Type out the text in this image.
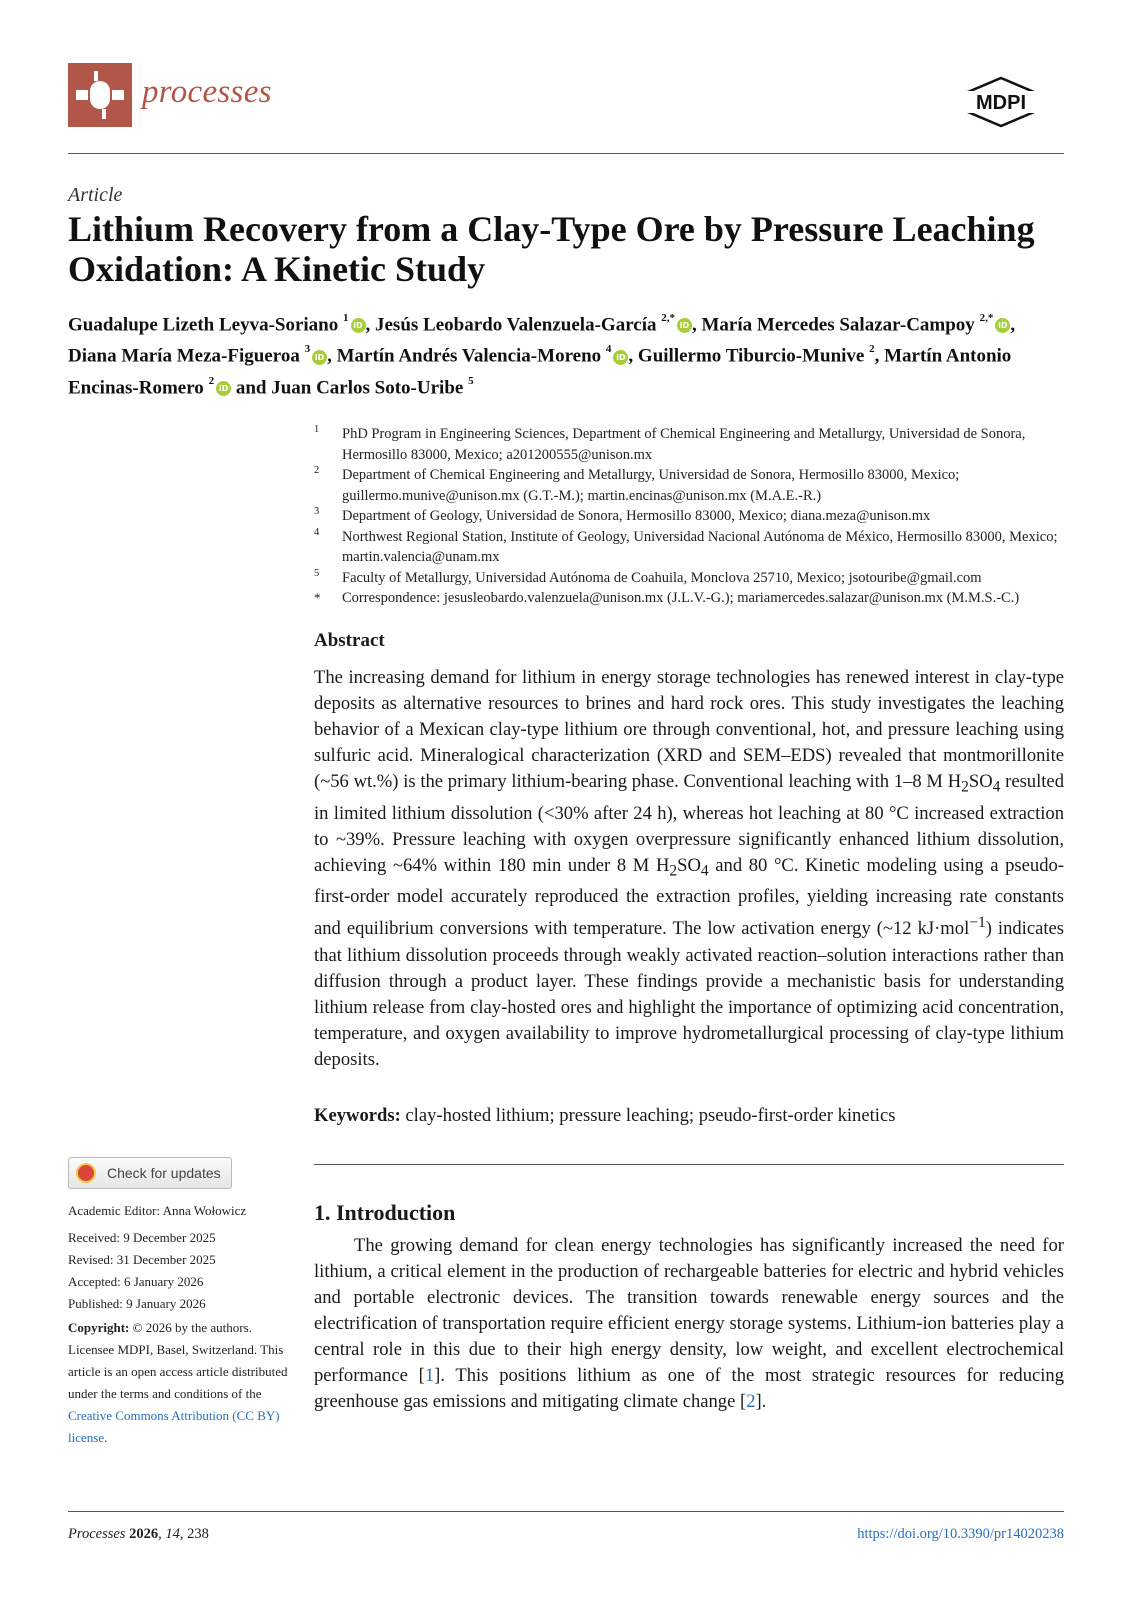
processes	MDPI
Article
Lithium Recovery from a Clay-Type Ore by Pressure Leaching Oxidation: A Kinetic Study
Guadalupe Lizeth Leyva-Soriano $^1$iD , Jesús Leobardo Valenzuela-García $^{2,*}$iD , María Mercedes Salazar-Campoy $^{2,*}$iD , Diana María Meza-Figueroa $^3$iD , Martín Andrés Valencia-Moreno $^4$iD , Guillermo Tiburcio-Munive $^2$, Martín Antonio Encinas-Romero $^2$iD and Juan Carlos Soto-Uribe $^5$
1 PhD Program in Engineering Sciences, Department of Chemical Engineering and Metallurgy, Universidad de Sonora, Hermosillo 83000, Mexico; a201200555@unison.mx
2 Department of Chemical Engineering and Metallurgy, Universidad de Sonora, Hermosillo 83000, Mexico; guillermo.munive@unison.mx (G.T.-M.); martin.encinas@unison.mx (M.A.E.-R.)
3 Department of Geology, Universidad de Sonora, Hermosillo 83000, Mexico; diana.meza@unison.mx
4 Northwest Regional Station, Institute of Geology, Universidad Nacional Autónoma de México, Hermosillo 83000, Mexico; martin.valencia@unam.mx
5 Faculty of Metallurgy, Universidad Autónoma de Coahuila, Monclova 25710, Mexico; jsotouribe@gmail.com
* Correspondence: jesusleobardo.valenzuela@unison.mx (J.L.V.-G.); mariamercedes.salazar@unison.mx (M.M.S.-C.)
Abstract
The increasing demand for lithium in energy storage technologies has renewed interest in clay-type deposits as alternative resources to brines and hard rock ores. This study investigates the leaching behavior of a Mexican clay-type lithium ore through conventional, hot, and pressure leaching using sulfuric acid. Mineralogical characterization (XRD and SEM–EDS) revealed that montmorillonite (~56 wt.%) is the primary lithium-bearing phase. Conventional leaching with 1–8 M $H_2SO_4$ resulted in limited lithium dissolution (<30% after 24 h), whereas hot leaching at 80 °C increased extraction to ~39%. Pressure leaching with oxygen overpressure significantly enhanced lithium dissolution, achieving ~64% within 180 min under 8 M $H_2SO_4$ and 80 °C. Kinetic modeling using a pseudo-first-order model accurately reproduced the extraction profiles, yielding increasing rate constants and equilibrium conversions with temperature. The low activation energy (~12 kJ·mol$^{-1}$) indicates that lithium dissolution proceeds through weakly activated reaction–solution interactions rather than diffusion through a product layer. These findings provide a mechanistic basis for understanding lithium release from clay-hosted ores and highlight the importance of optimizing acid concentration, temperature, and oxygen availability to improve hydrometallurgical processing of clay-type lithium deposits.
Keywords: clay-hosted lithium; pressure leaching; pseudo-first-order kinetics
1. Introduction
The growing demand for clean energy technologies has significantly increased the need for lithium, a critical element in the production of rechargeable batteries for electric and hybrid vehicles and portable electronic devices. The transition towards renewable energy sources and the electrification of transportation require efficient energy storage systems. Lithium-ion batteries play a central role in this due to their high energy density, low weight, and excellent electrochemical performance [1]. This positions lithium as one of the most strategic resources for reducing greenhouse gas emissions and mitigating climate change [2].
Check for updates
Academic Editor: Anna Wołowicz
Received: 9 December 2025
Revised: 31 December 2025
Accepted: 6 January 2026
Published: 9 January 2026
Copyright: © 2026 by the authors. Licensee MDPI, Basel, Switzerland. This article is an open access article distributed under the terms and conditions of the Creative Commons Attribution (CC BY) license.
Processes 2026, 14, 238	https://doi.org/10.3390/pr14020238
